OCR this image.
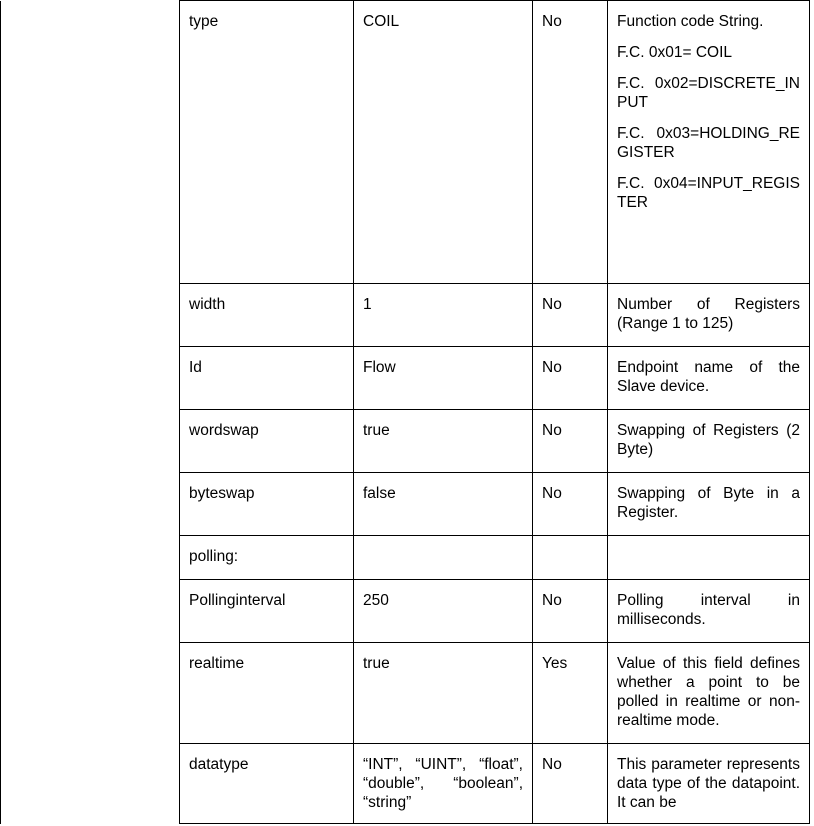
	type	COIL	No	Function code String.

F.C. 0x01= COIL

F.C. 0x02=DISCRETE_INPUT

F.C. 0x03=HOLDING_REGISTER

F.C. 0x04=INPUT_REGISTER

	width	1	No	Number of Registers (Range 1 to 125)

	Id	Flow	No	Endpoint name of the Slave device.

	wordswap	true	No	Swapping of Registers (2 Byte)

	byteswap	false	No	Swapping of Byte in a Register.

	polling:			

	Pollinginterval	250	No	Polling interval in milliseconds.

	realtime	true	Yes	Value of this field defines whether a point to be polled in realtime or non-realtime mode.

	datatype	“INT”, “UINT”, “float”, “double”, “boolean”, “string”	No	This parameter represents data type of the datapoint. It can be
